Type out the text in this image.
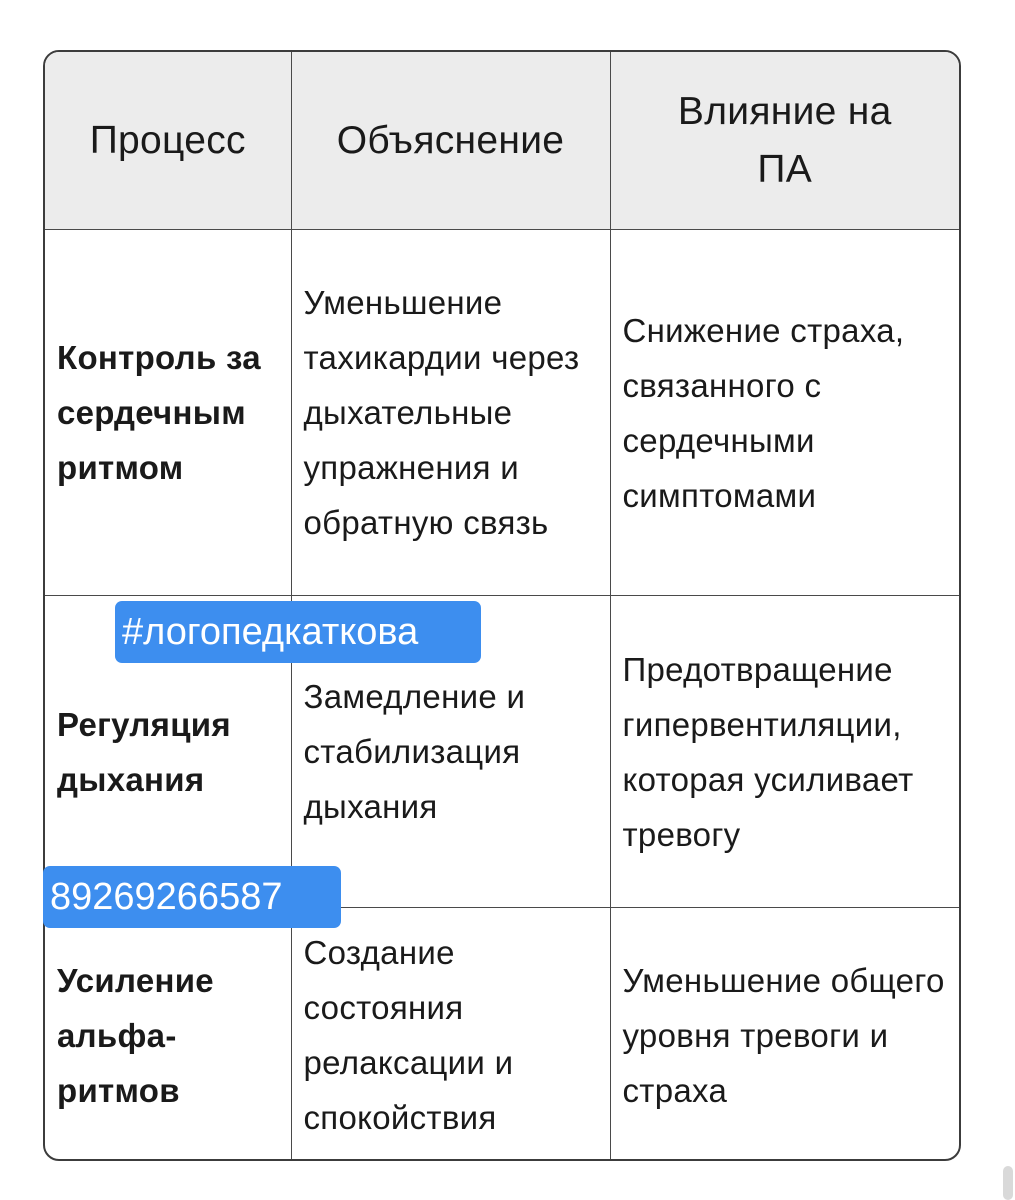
Процесс	Объяснение	Влияние на ПА
Контроль за сердечным ритмом	Уменьшение тахикардии через дыхательные упражнения и обратную связь	Снижение страха, связанного с сердечными симптомами
Регуляция дыхания	Замедление и стабилизация дыхания	Предотвращение гипервентиляции, которая усиливает тревогу
Усиление альфа-ритмов	Создание состояния релаксации и спокойствия	Уменьшение общего уровня тревоги и страха
#логопедкаткова
89269266587
